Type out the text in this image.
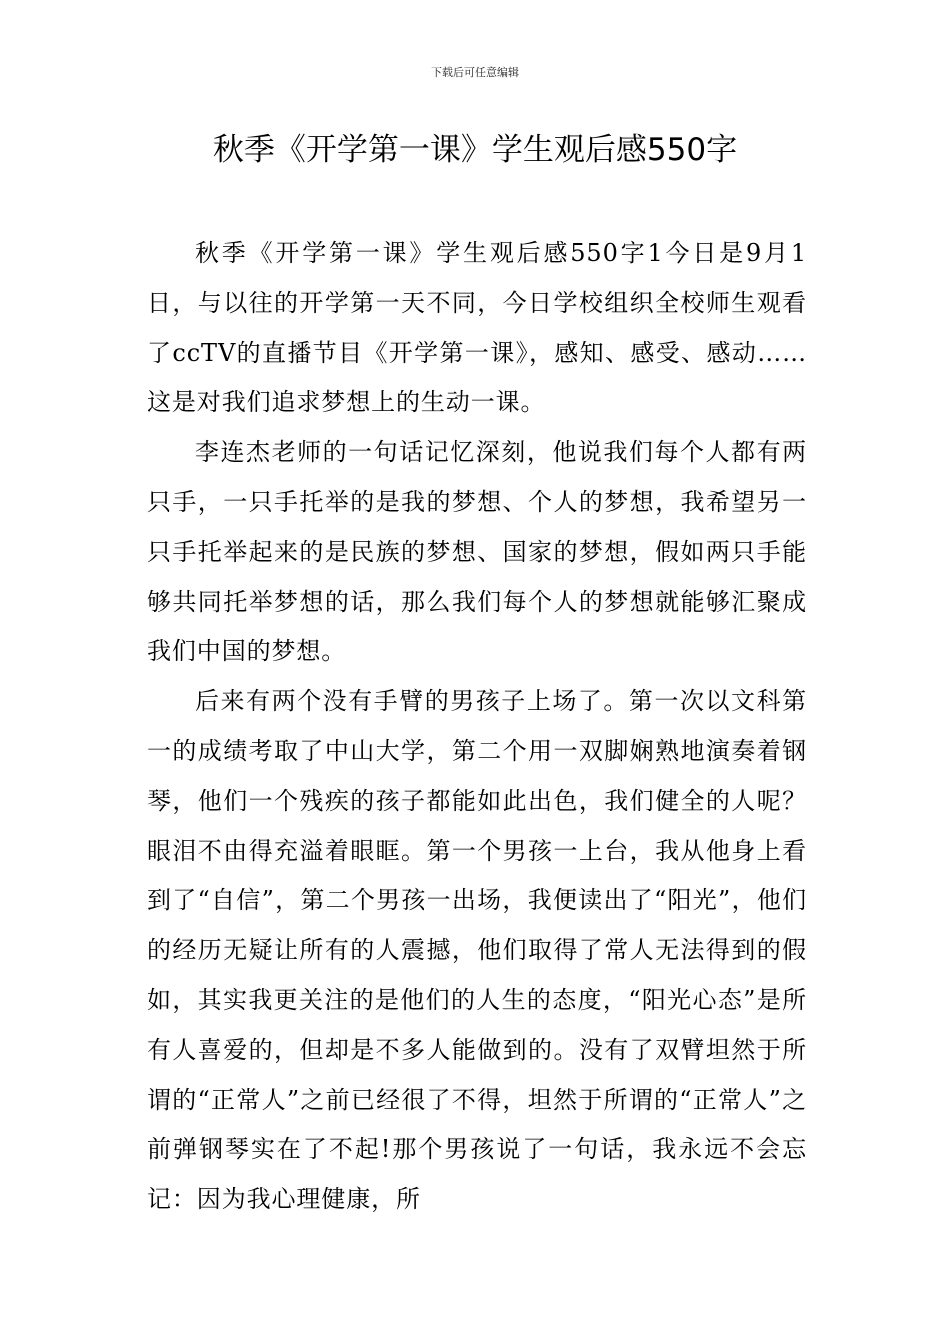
下载后可任意编辑
秋季《开学第一课》学生观后感550字

秋季《开学第一课》学生观后感550字1今日是9月1日，与以往的开学第一天不同，今日学校组织全校师生观看了ccTV的直播节目《开学第一课》，感知、感受、感动……这是对我们追求梦想上的生动一课。

李连杰老师的一句话记忆深刻，他说我们每个人都有两只手，一只手托举的是我的梦想、个人的梦想，我希望另一只手托举起来的是民族的梦想、国家的梦想，假如两只手能够共同托举梦想的话，那么我们每个人的梦想就能够汇聚成我们中国的梦想。

后来有两个没有手臂的男孩子上场了。第一次以文科第一的成绩考取了中山大学，第二个用一双脚娴熟地演奏着钢琴，他们一个残疾的孩子都能如此出色，我们健全的人呢？眼泪不由得充溢着眼眶。第一个男孩一上台，我从他身上看到了“自信”，第二个男孩一出场，我便读出了“阳光”，他们的经历无疑让所有的人震撼，他们取得了常人无法得到的假如，其实我更关注的是他们的人生的态度，“阳光心态”是所有人喜爱的，但却是不多人能做到的。没有了双臂坦然于所谓的“正常人”之前已经很了不得，坦然于所谓的“正常人”之前弹钢琴实在了不起!那个男孩说了一句话，我永远不会忘记：因为我心理健康，所
